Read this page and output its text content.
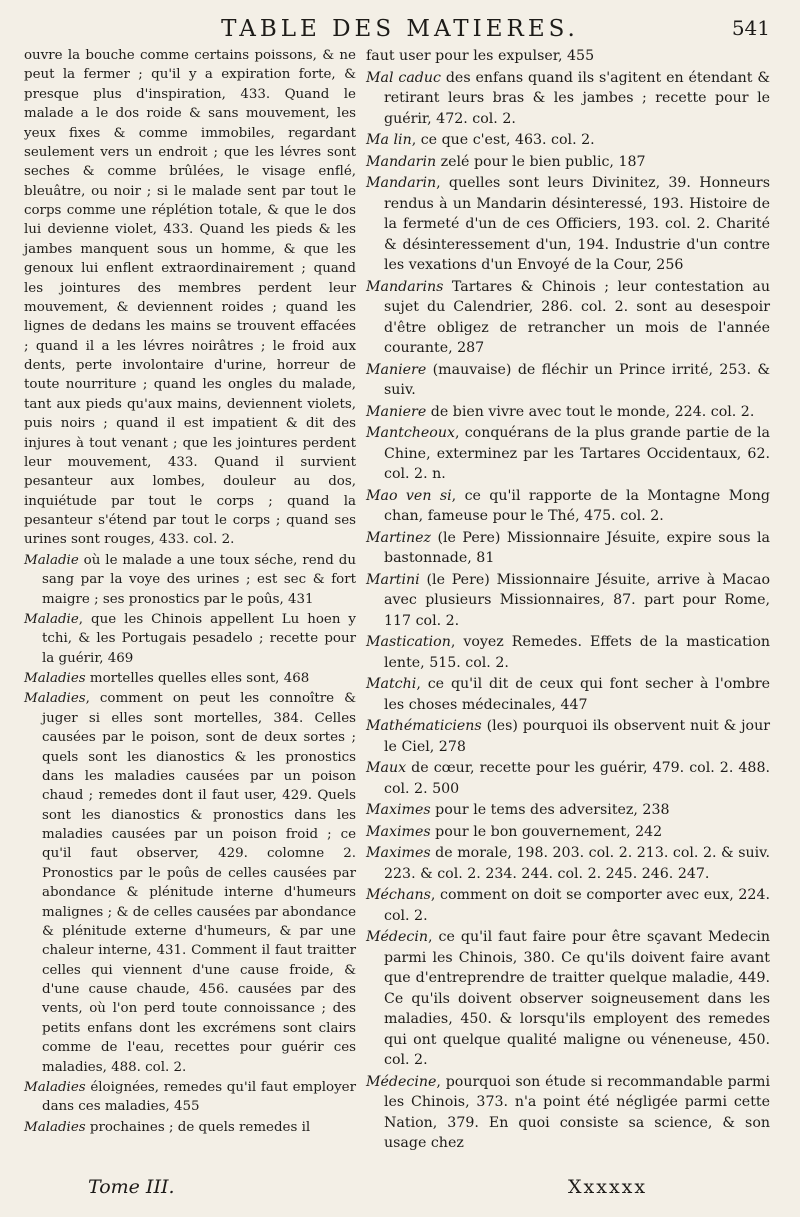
TABLE DES MATIERES.	541

ouvre la bouche comme certains poissons, & ne peut la fermer ; qu'il y a expiration forte, & presque plus d'inspiration, 433. Quand le malade a le dos roide & sans mouvement, les yeux fixes & comme immobiles, regardant seulement vers un endroit ; que les lévres sont seches & comme brûlées, le visage enflé, bleuâtre, ou noir ; si le malade sent par tout le corps comme une réplétion totale, & que le dos lui devienne violet, 433. Quand les pieds & les jambes manquent sous un homme, & que les genoux lui enflent extraordinairement ; quand les jointures des membres perdent leur mouvement, & deviennent roides ; quand les lignes de dedans les mains se trouvent effacées ; quand il a les lévres noirâtres ; le froid aux dents, perte involontaire d'urine, horreur de toute nourriture ; quand les ongles du malade, tant aux pieds qu'aux mains, deviennent violets, puis noirs ; quand il est impatient & dit des injures à tout venant ; que les jointures perdent leur mouvement, 433. Quand il survient pesanteur aux lombes, douleur au dos, inquiétude par tout le corps ; quand la pesanteur s'étend par tout le corps ; quand ses urines sont rouges, 433. col. 2.

Maladie où le malade a une toux séche, rend du sang par la voye des urines ; est sec & fort maigre ; ses pronostics par le poûs, 431

Maladie, que les Chinois appellent Lu hoen y tchi, & les Portugais pesadelo ; recette pour la guérir, 469

Maladies mortelles quelles elles sont, 468

Maladies, comment on peut les connoître & juger si elles sont mortelles, 384. Celles causées par le poison, sont de deux sortes ; quels sont les dianostics & les pronostics dans les maladies causées par un poison chaud ; remedes dont il faut user, 429. Quels sont les dianostics & pronostics dans les maladies causées par un poison froid ; ce qu'il faut observer, 429. colomne 2. Pronostics par le poûs de celles causées par abondance & plénitude interne d'humeurs malignes ; & de celles causées par abondance & plénitude externe d'humeurs, & par une chaleur interne, 431. Comment il faut traitter celles qui viennent d'une cause froide, & d'une cause chaude, 456. causées par des vents, où l'on perd toute connoissance ; des petits enfans dont les excrémens sont clairs comme de l'eau, recettes pour guérir ces maladies, 488. col. 2.

Maladies éloignées, remedes qu'il faut employer dans ces maladies, 455

Maladies prochaines ; de quels remedes il

faut user pour les expulser, 455

Mal caduc des enfans quand ils s'agitent en étendant & retirant leurs bras & les jambes ; recette pour le guérir, 472. col. 2.

Ma lin, ce que c'est, 463. col. 2.

Mandarin zelé pour le bien public, 187

Mandarin, quelles sont leurs Divinitez, 39. Honneurs rendus à un Mandarin désinteressé, 193. Histoire de la fermeté d'un de ces Officiers, 193. col. 2. Charité & désinteressement d'un, 194. Industrie d'un contre les vexations d'un Envoyé de la Cour, 256

Mandarins Tartares & Chinois ; leur contestation au sujet du Calendrier, 286. col. 2. sont au desespoir d'être obligez de retrancher un mois de l'année courante, 287

Maniere (mauvaise) de fléchir un Prince irrité, 253. & suiv.

Maniere de bien vivre avec tout le monde, 224. col. 2.

Mantcheoux, conquérans de la plus grande partie de la Chine, exterminez par les Tartares Occidentaux, 62. col. 2. n.

Mao ven si, ce qu'il rapporte de la Montagne Mong chan, fameuse pour le Thé, 475. col. 2.

Martinez (le Pere) Missionnaire Jésuite, expire sous la bastonnade, 81

Martini (le Pere) Missionnaire Jésuite, arrive à Macao avec plusieurs Missionnaires, 87. part pour Rome, 117 col. 2.

Mastication, voyez Remedes. Effets de la mastication lente, 515. col. 2.

Matchi, ce qu'il dit de ceux qui font secher à l'ombre les choses médecinales, 447

Mathématiciens (les) pourquoi ils observent nuit & jour le Ciel, 278

Maux de cœur, recette pour les guérir, 479. col. 2. 488. col. 2. 500

Maximes pour le tems des adversitez, 238

Maximes pour le bon gouvernement, 242

Maximes de morale, 198. 203. col. 2. 213. col. 2. & suiv. 223. & col. 2. 234. 244. col. 2. 245. 246. 247.

Méchans, comment on doit se comporter avec eux, 224. col. 2.

Médecin, ce qu'il faut faire pour être sçavant Medecin parmi les Chinois, 380. Ce qu'ils doivent faire avant que d'entreprendre de traitter quelque maladie, 449. Ce qu'ils doivent observer soigneusement dans les maladies, 450. & lorsqu'ils employent des remedes qui ont quelque qualité maligne ou véneneuse, 450. col. 2.

Médecine, pourquoi son étude si recommandable parmi les Chinois, 373. n'a point été négligée parmi cette Nation, 379. En quoi consiste sa science, & son usage chez

Tome III.	Xxxxxx
